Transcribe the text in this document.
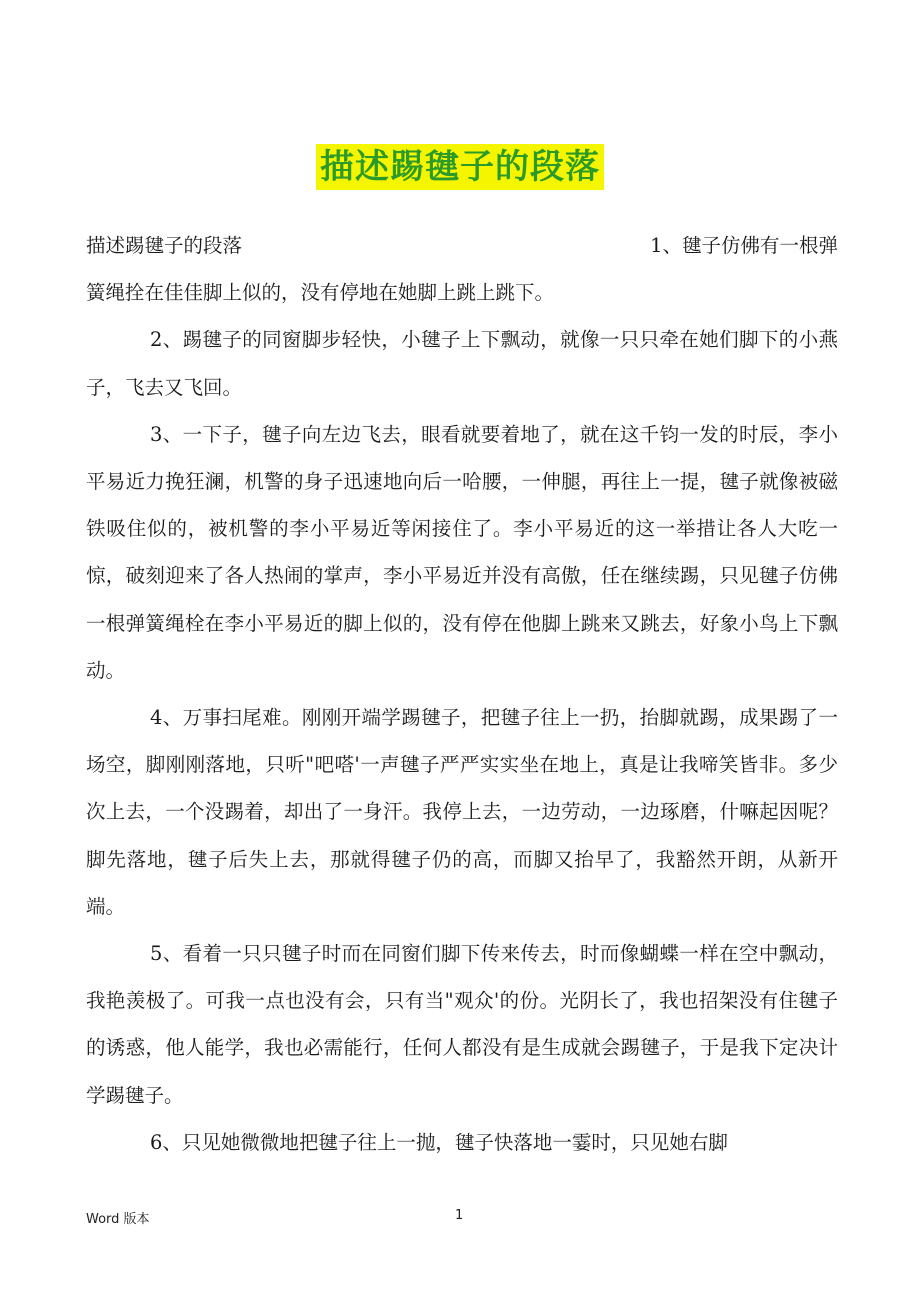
描述踢毽子的段落

描述踢毽子的段落	1、毽子仿佛有一根弹

簧绳拴在佳佳脚上似的，没有停地在她脚上跳上跳下。

2、踢毽子的同窗脚步轻快，小毽子上下飘动，就像一只只牵在她们脚下的小燕子，飞去又飞回。

3、一下子，毽子向左边飞去，眼看就要着地了，就在这千钧一发的时辰，李小平易近力挽狂澜，机警的身子迅速地向后一哈腰，一伸腿，再往上一提，毽子就像被磁铁吸住似的，被机警的李小平易近等闲接住了。李小平易近的这一举措让各人大吃一惊，破刻迎来了各人热闹的掌声，李小平易近并没有高傲，任在继续踢，只见毽子仿佛一根弹簧绳栓在李小平易近的脚上似的，没有停在他脚上跳来又跳去，好象小鸟上下飘动。

4、万事扫尾难。刚刚开端学踢毽子，把毽子往上一扔，抬脚就踢，成果踢了一场空，脚刚刚落地，只听"吧嗒'一声毽子严严实实坐在地上，真是让我啼笑皆非。多少次上去，一个没踢着，却出了一身汗。我停上去，一边劳动，一边琢磨，什嘛起因呢？脚先落地，毽子后失上去，那就得毽子仍的高，而脚又抬早了，我豁然开朗，从新开端。

5、看着一只只毽子时而在同窗们脚下传来传去，时而像蝴蝶一样在空中飘动，我艳羡极了。可我一点也没有会，只有当"观众'的份。光阴长了，我也招架没有住毽子的诱惑，他人能学，我也必需能行，任何人都没有是生成就会踢毽子，于是我下定决计学踢毽子。

6、只见她微微地把毽子往上一抛，毽子快落地一霎时，只见她右脚

Word 版本	1
